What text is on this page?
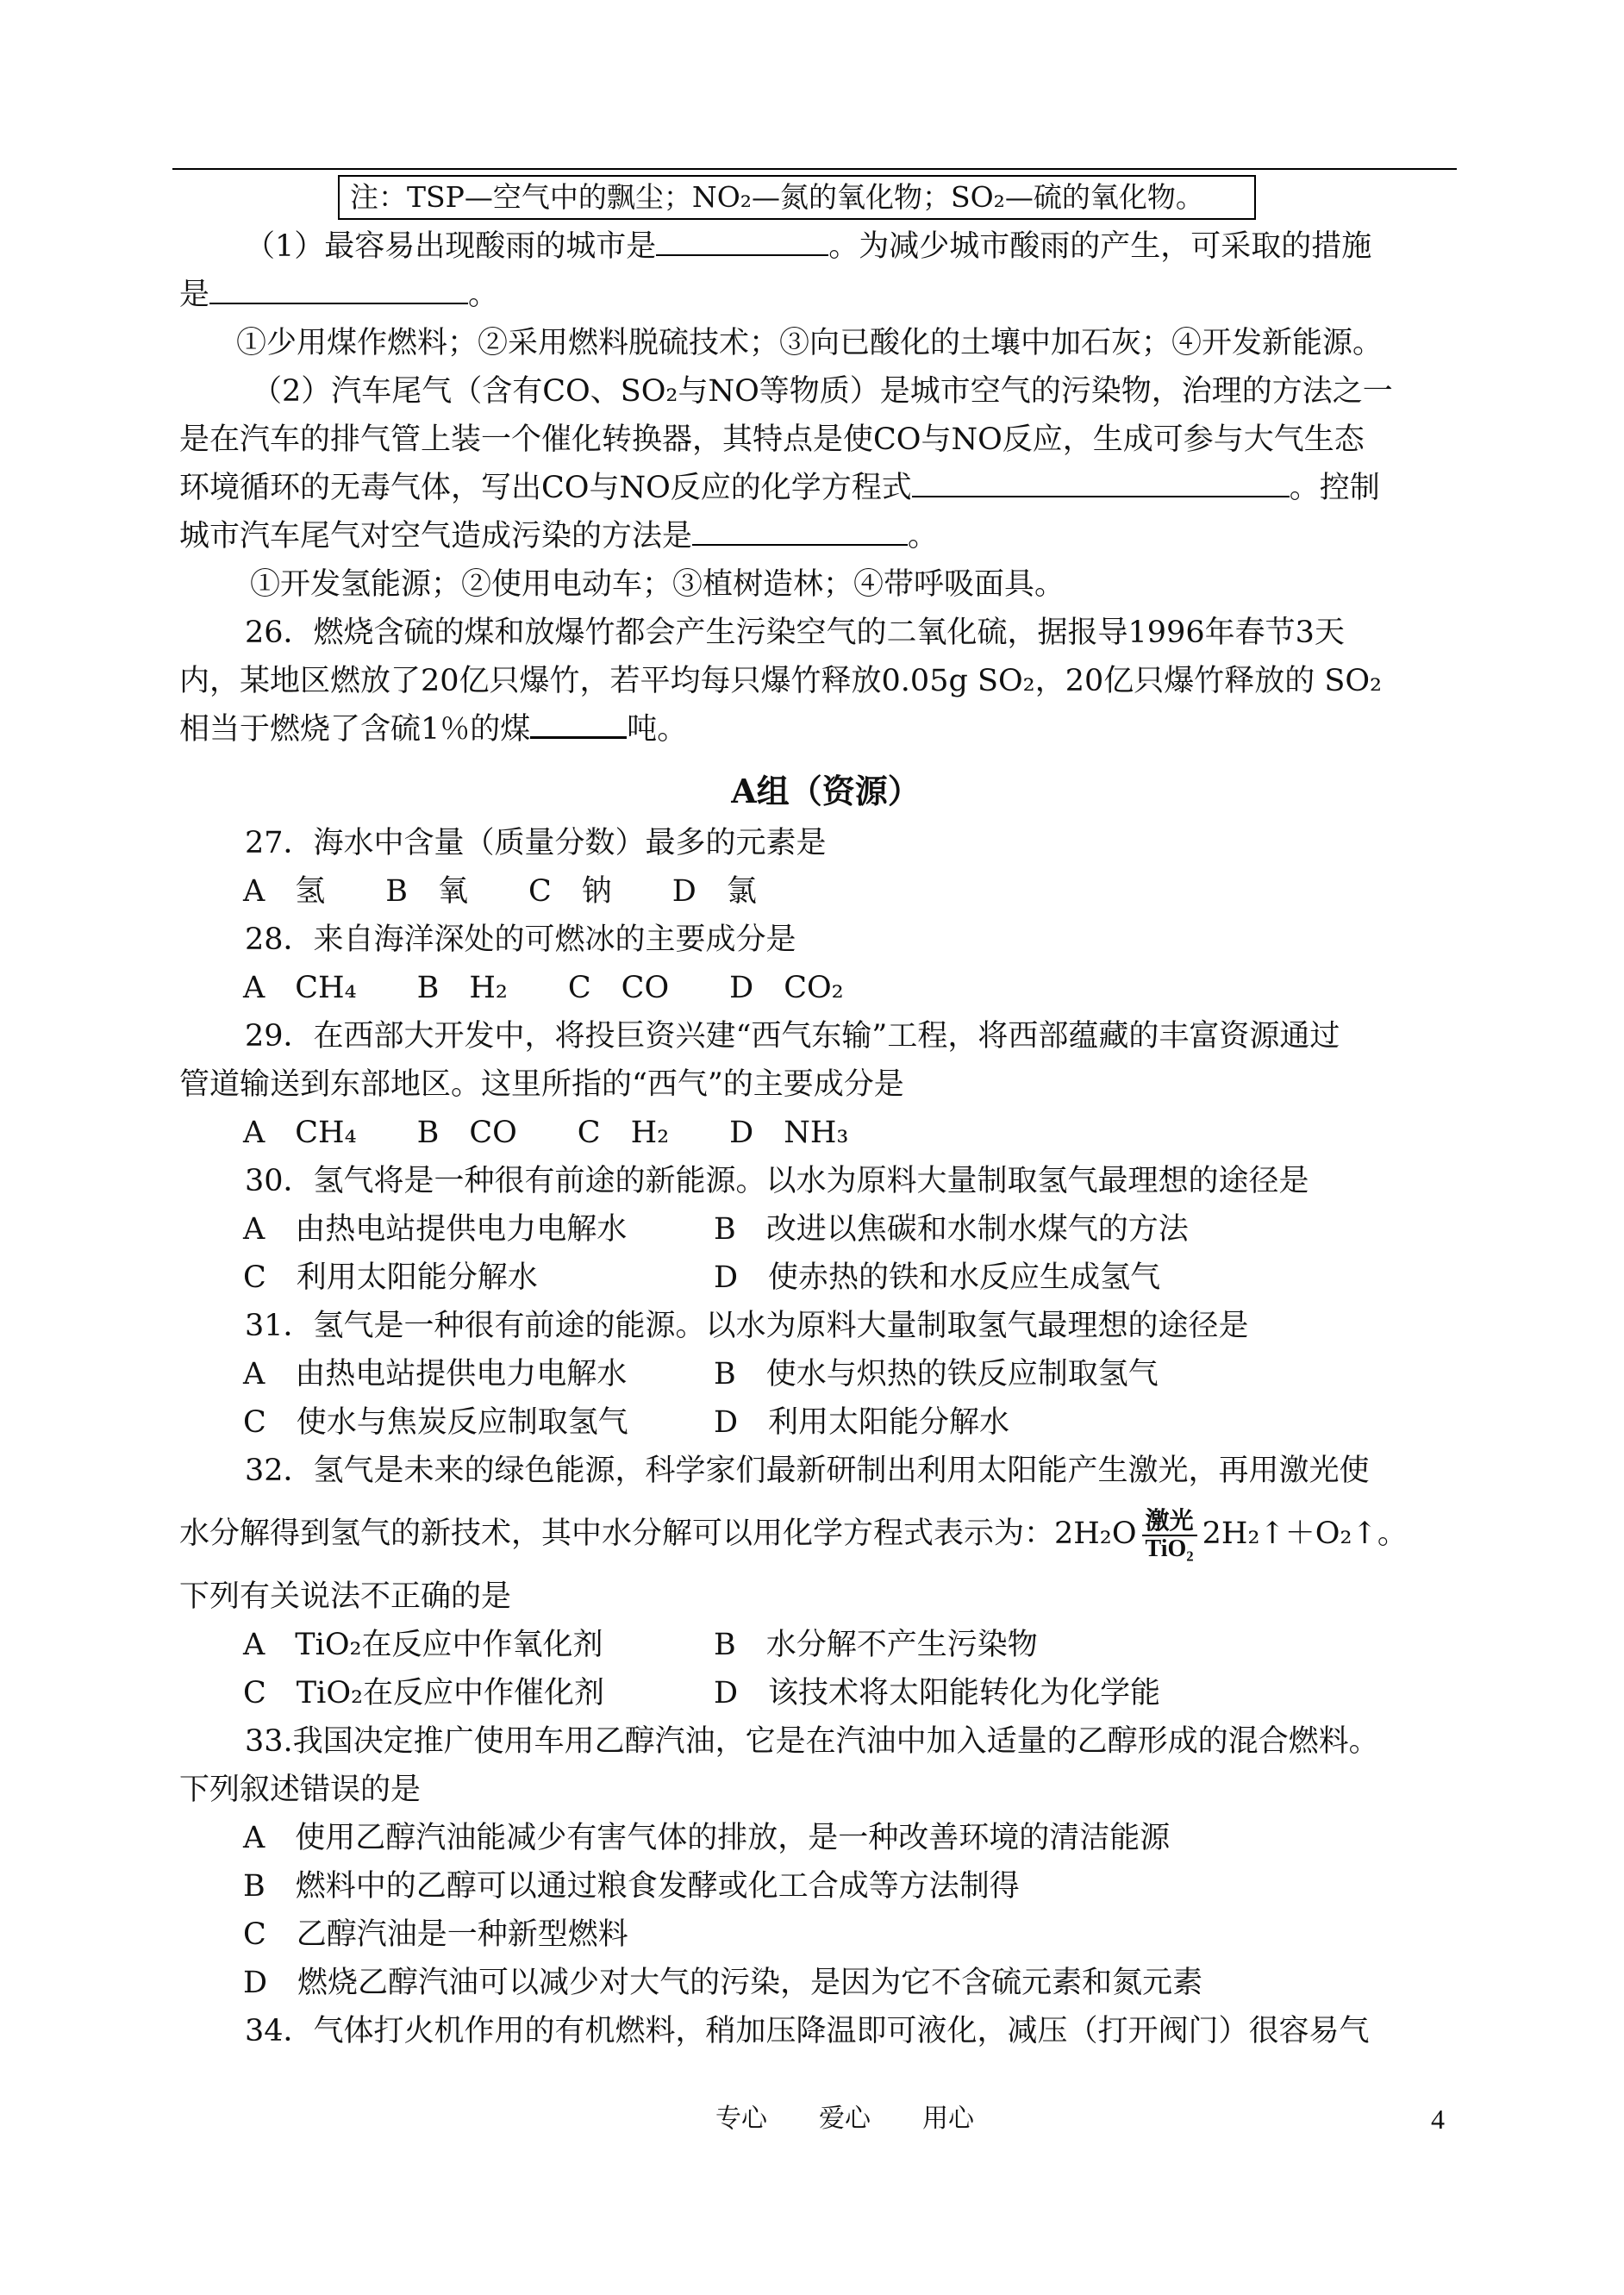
注：TSP—空气中的飘尘；NO₂—氮的氧化物；SO₂—硫的氧化物。
（1）最容易出现酸雨的城市是	。为减少城市酸雨的产生，可采取的措施
是	。
①少用煤作燃料；②采用燃料脱硫技术；③向已酸化的土壤中加石灰；④开发新能源。
（2）汽车尾气（含有CO、SO₂与NO等物质）是城市空气的污染物，治理的方法之一
是在汽车的排气管上装一个催化转换器，其特点是使CO与NO反应，生成可参与大气生态
环境循环的无毒气体，写出CO与NO反应的化学方程式	。控制
城市汽车尾气对空气造成污染的方法是	。
①开发氢能源；②使用电动车；③植树造林；④带呼吸面具。
26．燃烧含硫的煤和放爆竹都会产生污染空气的二氧化硫，据报导1996年春节3天
内，某地区燃放了20亿只爆竹，若平均每只爆竹释放0.05g SO₂，20亿只爆竹释放的 SO₂
相当于燃烧了含硫1％的煤	吨。
A组（资源）
27．海水中含量（质量分数）最多的元素是
A　氢　　B　氧　　C　钠　　D　氯
28．来自海洋深处的可燃冰的主要成分是
A　CH₄　　B　H₂　　C　CO　　D　CO₂
29．在西部大开发中，将投巨资兴建“西气东输”工程，将西部蕴藏的丰富资源通过
管道输送到东部地区。这里所指的“西气”的主要成分是
A　CH₄　　B　CO　　C　H₂　　D　NH₃
30．氢气将是一种很有前途的新能源。以水为原料大量制取氢气最理想的途径是
A　由热电站提供电力电解水	B　改进以焦碳和水制水煤气的方法
C　利用太阳能分解水	D　使赤热的铁和水反应生成氢气
31．氢气是一种很有前途的能源。以水为原料大量制取氢气最理想的途径是
A　由热电站提供电力电解水	B　使水与炽热的铁反应制取氢气
C　使水与焦炭反应制取氢气	D　利用太阳能分解水
32．氢气是未来的绿色能源，科学家们最新研制出利用太阳能产生激光，再用激光使
水分解得到氢气的新技术，其中水分解可以用化学方程式表示为：$2H_2O \frac{\text{激光}}{\text{TiO₂}}$ 2H₂↑＋O₂↑。
下列有关说法不正确的是
A　TiO₂在反应中作氧化剂	B　水分解不产生污染物
C　TiO₂在反应中作催化剂	D　该技术将太阳能转化为化学能
33.我国决定推广使用车用乙醇汽油，它是在汽油中加入适量的乙醇形成的混合燃料。
下列叙述错误的是
A　使用乙醇汽油能减少有害气体的排放，是一种改善环境的清洁能源
B　燃料中的乙醇可以通过粮食发酵或化工合成等方法制得
C　乙醇汽油是一种新型燃料
D　燃烧乙醇汽油可以减少对大气的污染，是因为它不含硫元素和氮元素
34．气体打火机作用的有机燃料，稍加压降温即可液化，减压（打开阀门）很容易气
专心　　爱心　　用心	4
